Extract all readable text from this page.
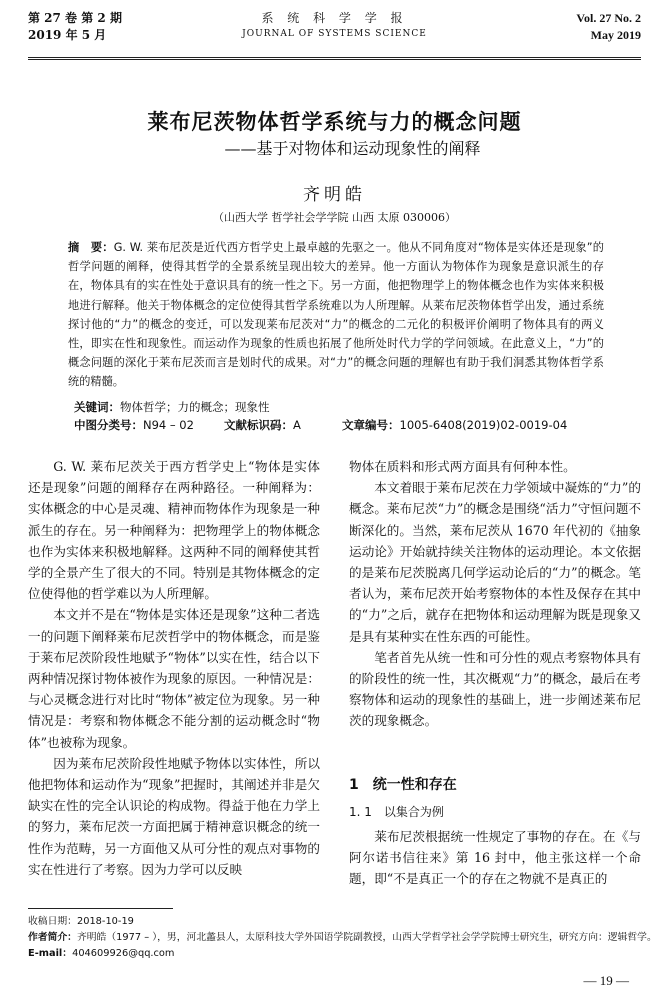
第 27 卷 第 2 期
2019 年 5 月
系 统 科 学 学 报
JOURNAL OF SYSTEMS SCIENCE
Vol. 27 No. 2
May 2019
莱布尼茨物体哲学系统与力的概念问题
——基于对物体和运动现象性的阐释
齐明皓
（山西大学 哲学社会学学院 山西 太原 030006）
摘　要：G. W. 莱布尼茨是近代西方哲学史上最卓越的先驱之一。他从不同角度对“物体是实体还是现象”的哲学问题的阐释，使得其哲学的全景系统呈现出较大的差异。他一方面认为物体作为现象是意识派生的存在，物体具有的实在性处于意识具有的统一性之下。另一方面，他把物理学上的物体概念也作为实体来积极地进行解释。他关于物体概念的定位使得其哲学系统难以为人所理解。从莱布尼茨物体哲学出发，通过系统探讨他的“力”的概念的变迁，可以发现莱布尼茨对“力”的概念的二元化的积极评价阐明了物体具有的两义性，即实在性和现象性。而运动作为现象的性质也拓展了他所处时代力学的学问领域。在此意义上，“力”的概念问题的深化于莱布尼茨而言是划时代的成果。对“力”的概念问题的理解也有助于我们洞悉其物体哲学系统的精髓。
关键词：物体哲学；力的概念；现象性
中图分类号：N94 – 02	文献标识码：A	文章编号：1005-6408(2019)02-0019-04

G. W. 莱布尼茨关于西方哲学史上“物体是实体还是现象”问题的阐释存在两种路径。一种阐释为：实体概念的中心是灵魂、精神而物体作为现象是一种派生的存在。另一种阐释为：把物理学上的物体概念也作为实体来积极地解释。这两种不同的阐释使其哲学的全景产生了很大的不同。特别是其物体概念的定位使得他的哲学难以为人所理解。

本文并不是在“物体是实体还是现象”这种二者选一的问题下阐释莱布尼茨哲学中的物体概念，而是鉴于莱布尼茨阶段性地赋予“物体”以实在性，结合以下两种情况探讨物体被作为现象的原因。一种情况是：与心灵概念进行对比时“物体”被定位为现象。另一种情况是：考察和物体概念不能分割的运动概念时“物体”也被称为现象。

因为莱布尼茨阶段性地赋予物体以实体性，所以他把物体和运动作为“现象”把握时，其阐述并非是欠缺实在性的完全认识论的构成物。得益于他在力学上的努力，莱布尼茨一方面把属于精神意识概念的统一性作为范畴，另一方面他又从可分性的观点对事物的实在性进行了考察。因为力学可以反映

物体在质料和形式两方面具有何种本性。

本文着眼于莱布尼茨在力学领域中凝炼的“力”的概念。莱布尼茨“力”的概念是围绕“活力”守恒问题不断深化的。当然，莱布尼茨从 1670 年代初的《抽象运动论》开始就持续关注物体的运动理论。本文依据的是莱布尼茨脱离几何学运动论后的“力”的概念。笔者认为，莱布尼茨开始考察物体的本性及保存在其中的“力”之后，就存在把物体和运动理解为既是现象又是具有某种实在性东西的可能性。

笔者首先从统一性和可分性的观点考察物体具有的阶段性的统一性，其次概观“力”的概念，最后在考察物体和运动的现象性的基础上，进一步阐述莱布尼茨的现象概念。

1　统一性和存在
1. 1　以集合为例

莱布尼茨根据统一性规定了事物的存在。在《与阿尔诺书信往来》第 16 封中，他主张这样一个命题，即“不是真正一个的存在之物就不是真正的

收稿日期：2018-10-19
作者简介：齐明皓（1977 – ），男，河北蠡县人，太原科技大学外国语学院副教授，山西大学哲学社会学学院博士研究生，研究方向：逻辑哲学。
E-mail：404609926@qq.com
— 19 —
